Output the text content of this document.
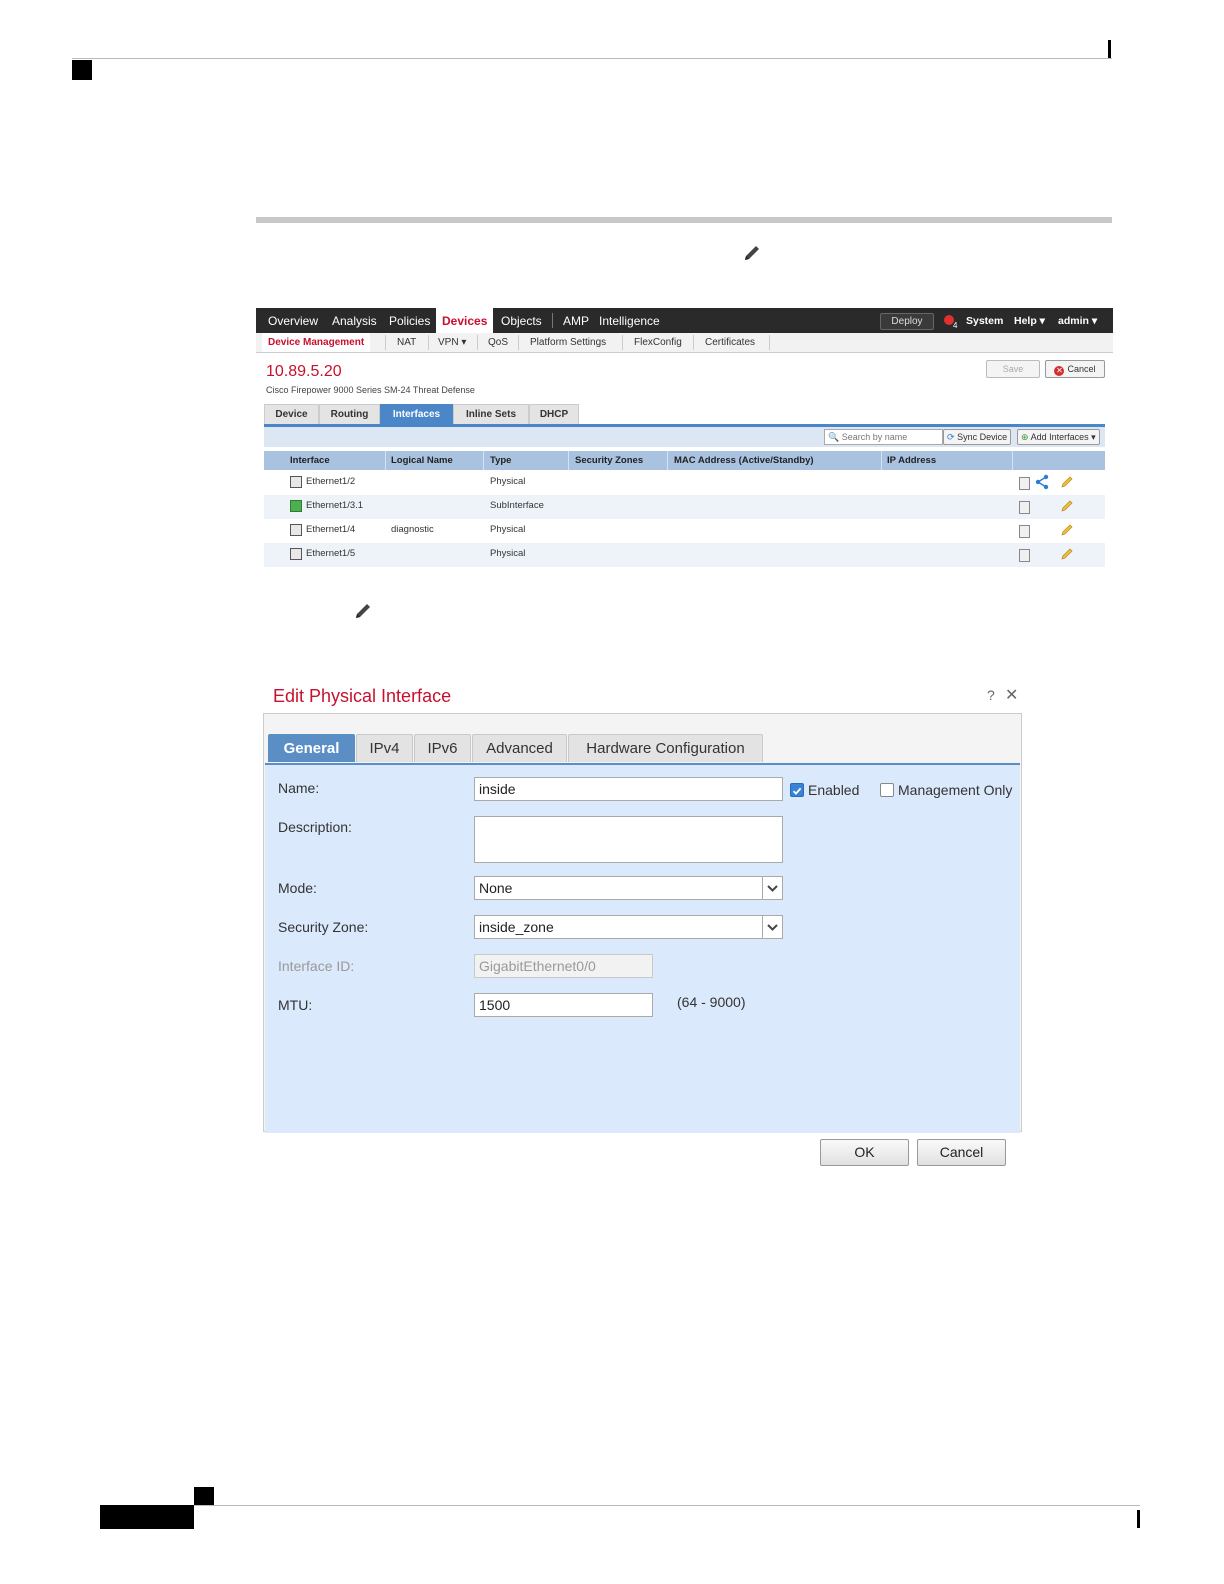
Overview Analysis Policies Devices	Objects AMP Intelligence	Deploy	4 System Help ▾ admin ▾
Device Management	NAT VPN ▾ QoS Platform Settings	FlexConfig Certificates
10.89.5.20
Cisco Firepower 9000 Series SM-24 Threat Defense
Save	✕ Cancel
Device	Routing	Interfaces	Inline Sets	DHCP
🔍 Search by name	⟳ Sync Device	⊕ Add Interfaces ▾
Interface	Logical Name	Type	Security Zones	MAC Address (Active/Standby)	IP Address
Ethernet1/2	Physical
Ethernet1/3.1	SubInterface
Ethernet1/4	diagnostic	Physical
Ethernet1/5	Physical
Edit Physical Interface	? ✕
General	IPv4	IPv6	Advanced	Hardware Configuration
Name:	inside	Enabled	Management Only
Description:
Mode:	None
Security Zone:	inside_zone
Interface ID:	GigabitEthernet0/0
MTU:	1500	(64 - 9000)
OK	Cancel
